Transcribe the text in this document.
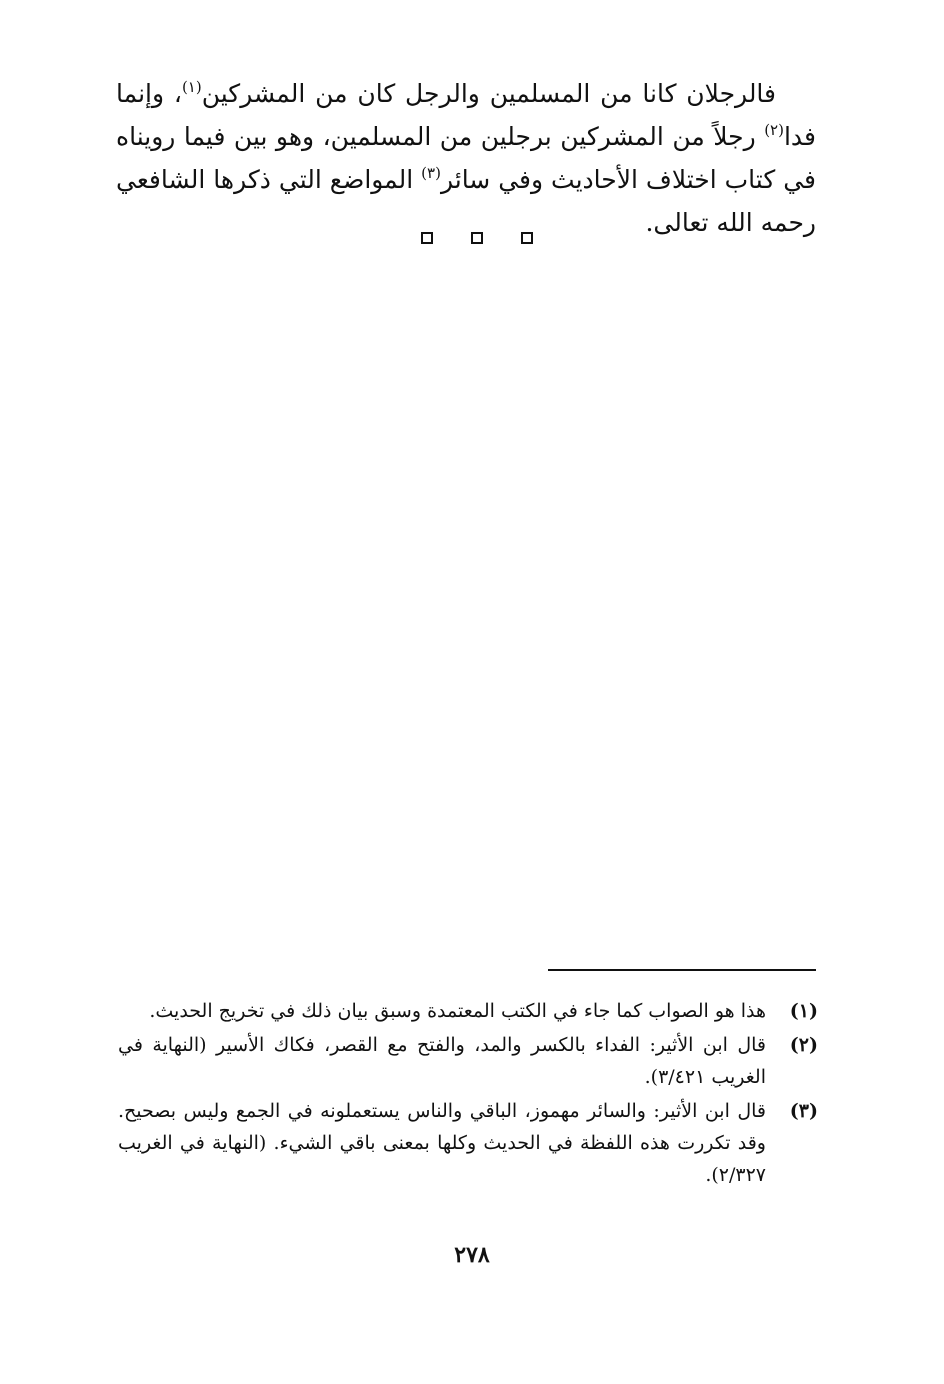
فالرجلان كانا من المسلمين والرجل كان من المشركين$^{(١)}$، وإنما فدا$^{(٢)}$ رجلاً من المشركين برجلين من المسلمين، وهو بين فيما رويناه في كتاب اختلاف الأحاديث وفي سائر$^{(٣)}$ المواضع التي ذكرها الشافعي رحمه الله تعالى.

(١)
هذا هو الصواب كما جاء في الكتب المعتمدة وسبق بيان ذلك في تخريج الحديث.
(٢)
قال ابن الأثير: الفداء بالكسر والمد، والفتح مع القصر، فكاك الأسير (النهاية في الغريب ٣/٤٢١).
(٣)
قال ابن الأثير: والسائر مهموز، الباقي والناس يستعملونه في الجمع وليس بصحيح. وقد تكررت هذه اللفظة في الحديث وكلها بمعنى باقي الشيء. (النهاية في الغريب ٢/٣٢٧).
٢٧٨
